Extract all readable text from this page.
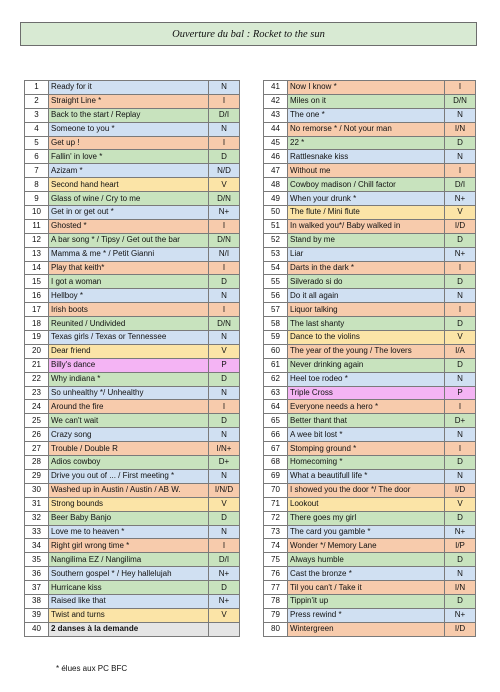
Ouverture du bal : Rocket to the sun
1	Ready for it	N
2	Straight Line *	I
3	Back to the start / Replay	D/I
4	Someone to you *	N
5	Get up !	I
6	Fallin' in love *	D
7	Azizam *	N/D
8	Second hand heart	V
9	Glass of wine / Cry to me	D/N
10	Get in or get out *	N+
11	Ghosted *	I
12	A bar song * / Tipsy / Get out the bar	D/N
13	Mamma & me * / Petit Gianni	N/I
14	Play that keith*	I
15	I got a woman	D
16	Hellboy *	N
17	Irish boots	I
18	Reunited / Undivided	D/N
19	Texas girls / Texas or Tennessee	N
20	Dear friend	V
21	Billy's dance	P
22	Why indiana *	D
23	So unhealthy */ Unhealthy	N
24	Around the fire	I
25	We can't wait	D
26	Crazy song	N
27	Trouble / Double R	I/N+
28	Adios cowboy	D+
29	Drive you out of ... / First meeting *	N
30	Washed up in Austin / Austin / AB W.	I/N/D
31	Strong bounds	V
32	Beer Baby Banjo	D
33	Love me to heaven *	N
34	Right girl wrong time *	I
35	Nangilima EZ / Nangilima	D/I
36	Southern gospel * / Hey hallelujah	N+
37	Hurricane kiss	D
38	Raised like that	N+
39	Twist and turns	V
40	2 danses à la demande	
41	Now I know *	I
42	Miles on it	D/N
43	The one *	N
44	No remorse * / Not your man	I/N
45	22 *	D
46	Rattlesnake kiss	N
47	Without me	I
48	Cowboy madison / Chill factor	D/I
49	When your drunk *	N+
50	The flute / Mini flute	V
51	In walked you*/ Baby walked in	I/D
52	Stand by me	D
53	Liar	N+
54	Darts in the dark *	I
55	Silverado si do	D
56	Do it all again	N
57	Liquor talking	I
58	The last shanty	D
59	Dance to the violins	V
60	The year of the young / The lovers	I/A
61	Never drinking again	D
62	Heel toe rodeo *	N
63	Triple Cross	P
64	Everyone needs a hero *	I
65	Better thant that	D+
66	A wee bit lost *	N
67	Stomping ground *	I
68	Homecoming *	D
69	What a beautifull life *	N
70	I showed you the door */ The door	I/D
71	Lookout	V
72	There goes my girl	D
73	The card you gamble *	N+
74	Wonder */ Memory Lane	I/P
75	Always humble	D
76	Cast the bronze *	N
77	Til you can't / Take it	I/N
78	Tippin'it up	D
79	Press rewind *	N+
80	Wintergreen	I/D
* élues aux PC BFC
